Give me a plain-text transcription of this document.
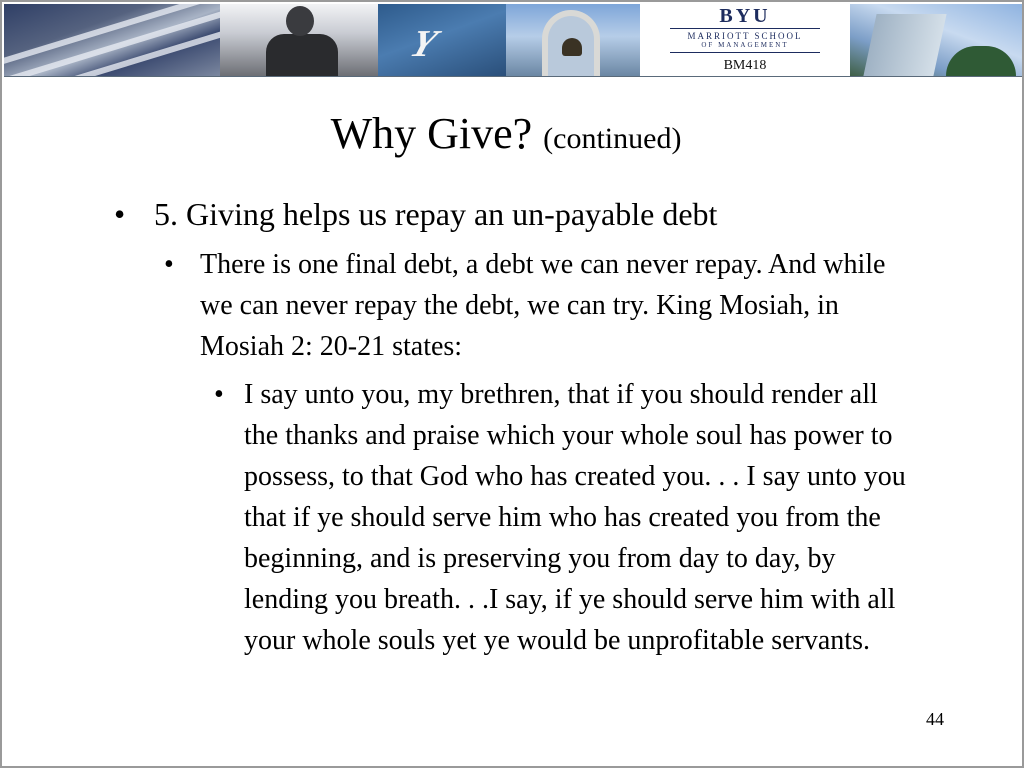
Y
BYU
MARRIOTT SCHOOL
OF MANAGEMENT
BM418
Why Give? (continued)
• 5. Giving helps us repay an un-payable debt
• There is one final debt, a debt we can never repay. And while we can never repay the debt, we can try. King Mosiah, in Mosiah 2: 20-21 states:
• I say unto you, my brethren, that if you should render all the thanks and praise which your whole soul has power to possess, to that God who has created you. . . I say unto you that if ye should serve him who has created you from the beginning, and is preserving you from day to day, by lending you breath. . .I say, if ye should serve him with all your whole souls yet ye would be unprofitable servants.
44
